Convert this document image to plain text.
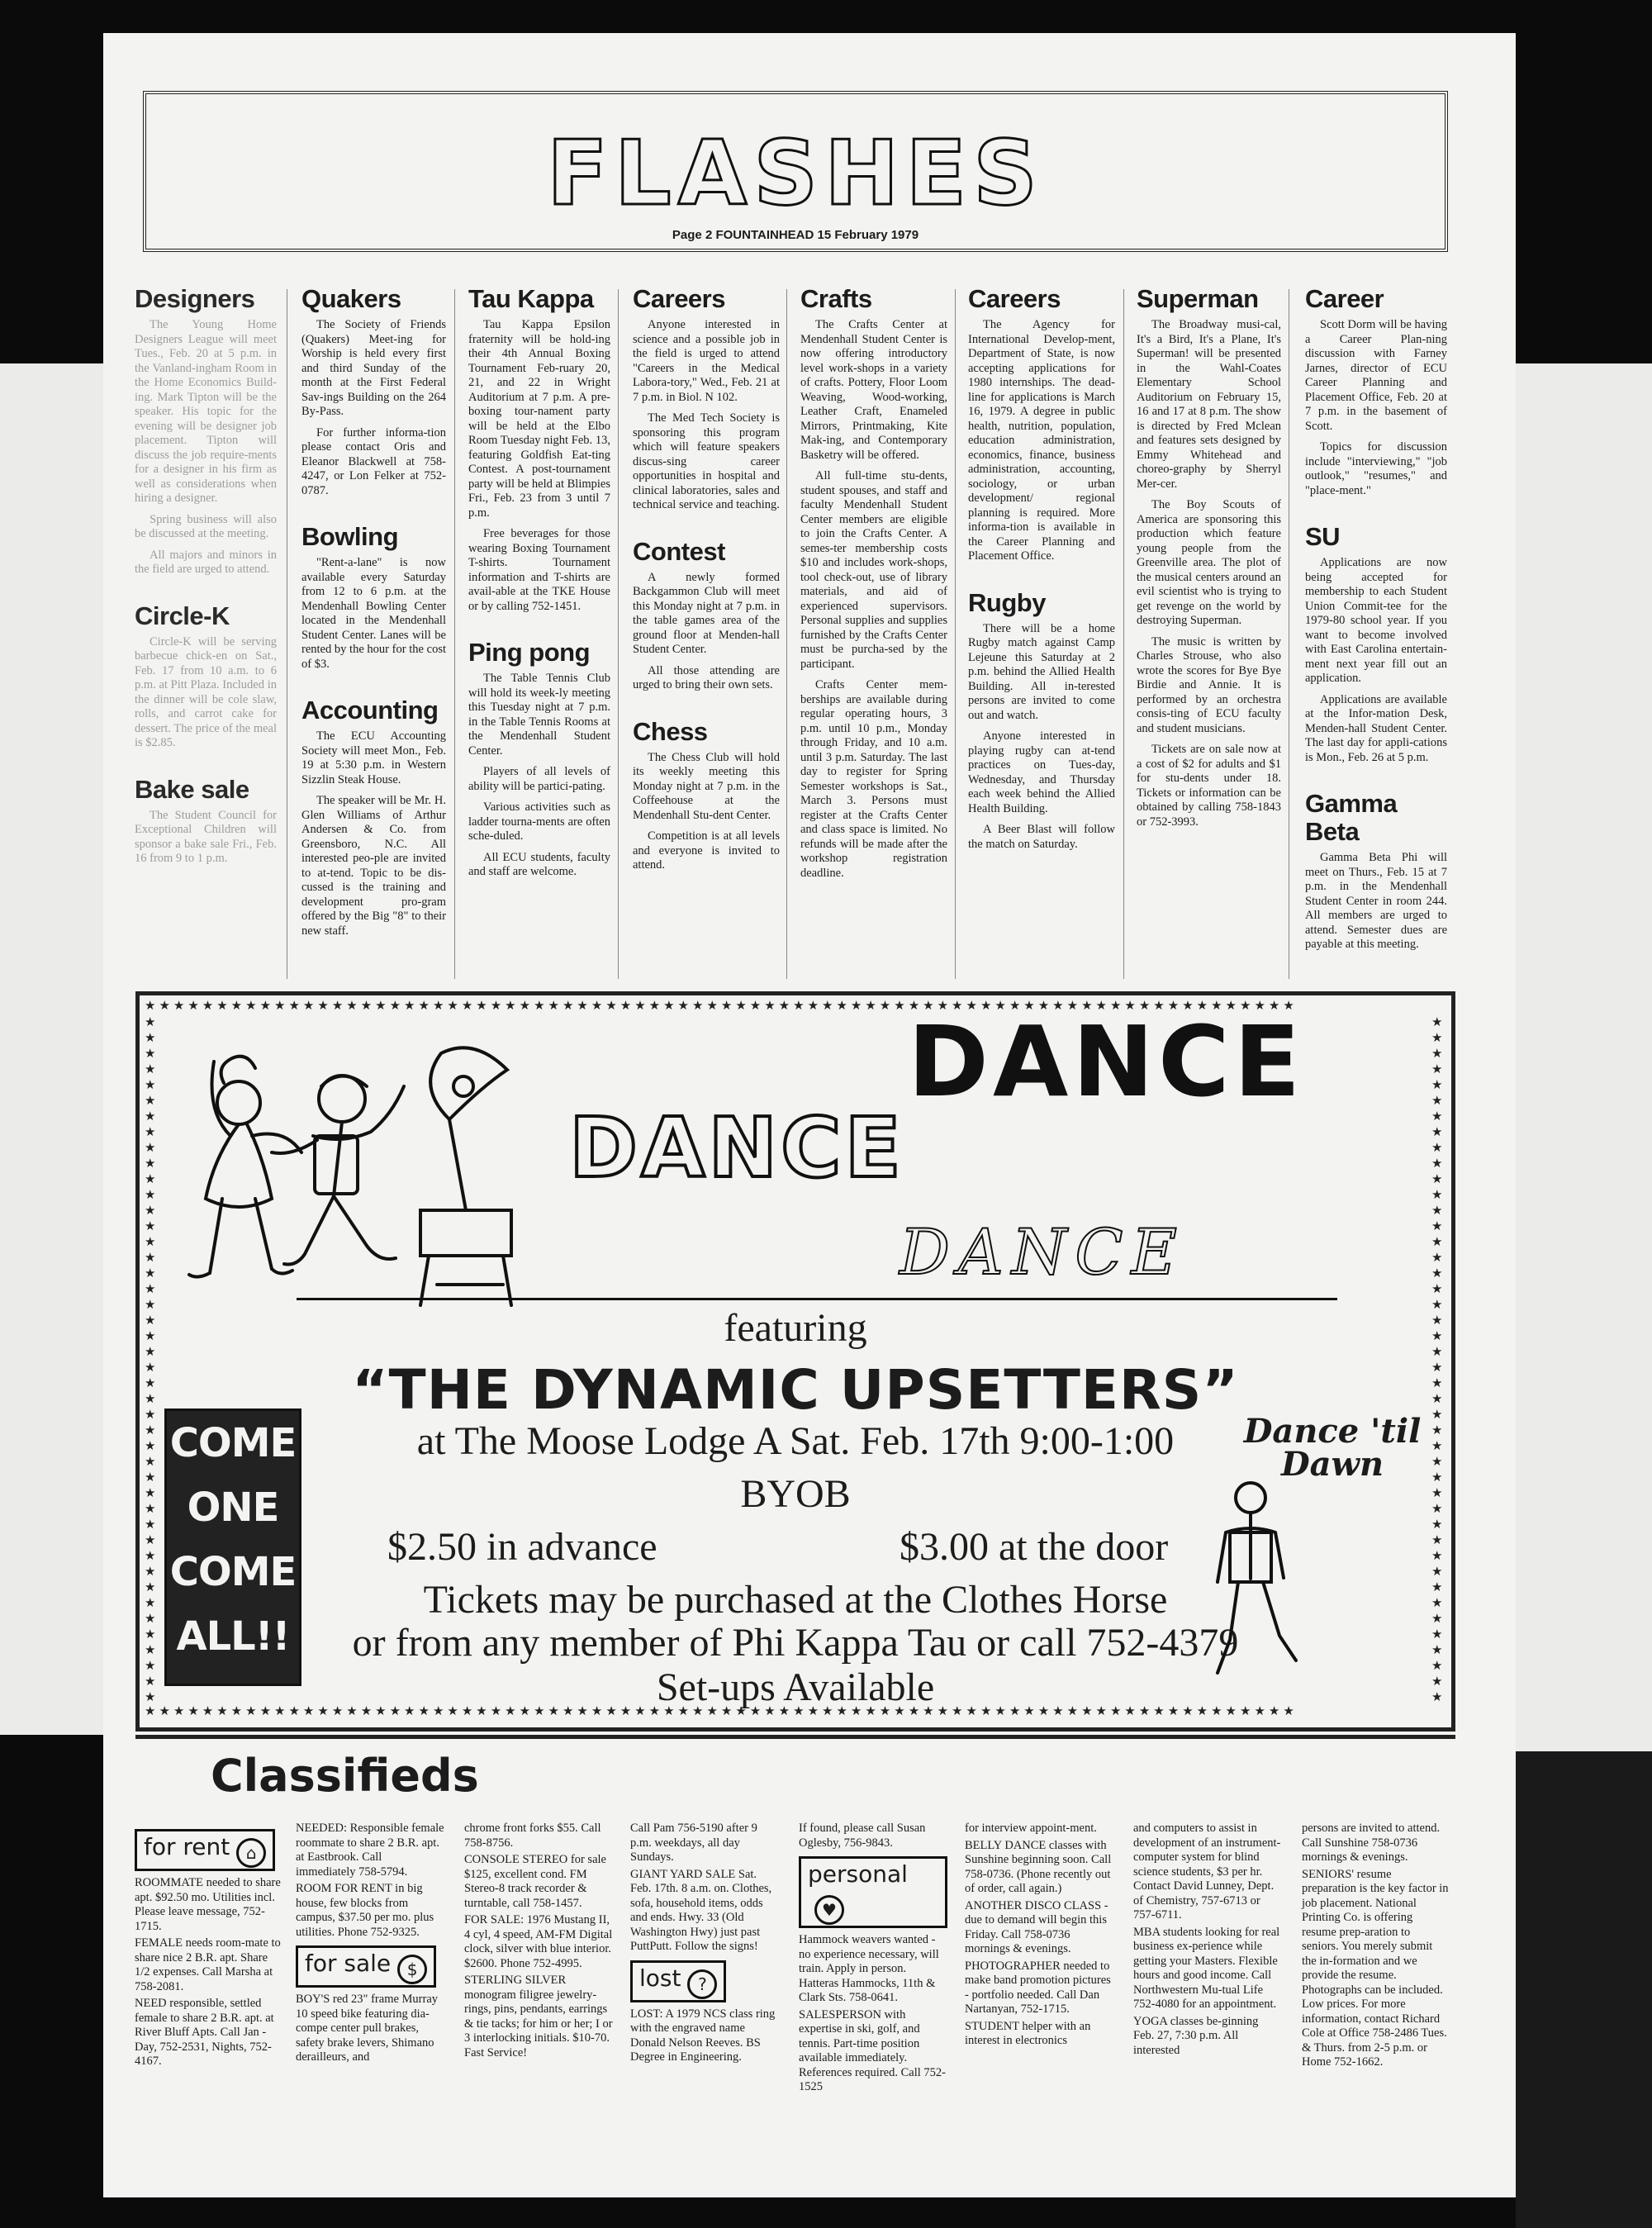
FLASHES
Page 2 FOUNTAINHEAD 15 February 1979
Designers

The Young Home Designers League will meet Tues., Feb. 20 at 5 p.m. in the Vanland-ingham Room in the Home Economics Build-ing. Mark Tipton will be the speaker. His topic for the evening will be designer job placement. Tipton will discuss the job require-ments for a designer in his firm as well as considerations when hiring a designer.

Spring business will also be discussed at the meeting.

All majors and minors in the field are urged to attend.

Circle-K

Circle-K will be serving barbecue chick-en on Sat., Feb. 17 from 10 a.m. to 6 p.m. at Pitt Plaza. Included in the dinner will be cole slaw, rolls, and carrot cake for dessert. The price of the meal is $2.85.

Bake sale

The Student Council for Exceptional Children will sponsor a bake sale Fri., Feb. 16 from 9 to 1 p.m.

Quakers

The Society of Friends (Quakers) Meet-ing for Worship is held every first and third Sunday of the month at the First Federal Sav-ings Building on the 264 By-Pass.

For further informa-tion please contact Oris and Eleanor Blackwell at 758-4247, or Lon Felker at 752-0787.

Bowling

"Rent-a-lane" is now available every Saturday from 12 to 6 p.m. at the Mendenhall Bowling Center located in the Mendenhall Student Center. Lanes will be rented by the hour for the cost of $3.

Accounting

The ECU Accounting Society will meet Mon., Feb. 19 at 5:30 p.m. in Western Sizzlin Steak House.

The speaker will be Mr. H. Glen Williams of Arthur Andersen & Co. from Greensboro, N.C. All interested peo-ple are invited to at-tend. Topic to be dis-cussed is the training and development pro-gram offered by the Big "8" to their new staff.

Tau Kappa

Tau Kappa Epsilon fraternity will be hold-ing their 4th Annual Boxing Tournament Feb-ruary 20, 21, and 22 in Wright Auditorium at 7 p.m. A pre-boxing tour-nament party will be held at the Elbo Room Tuesday night Feb. 13, featuring Goldfish Eat-ting Contest. A post-tournament party will be held at Blimpies Fri., Feb. 23 from 3 until 7 p.m.

Free beverages for those wearing Boxing Tournament T-shirts. Tournament information and T-shirts are avail-able at the TKE House or by calling 752-1451.

Ping pong

The Table Tennis Club will hold its week-ly meeting this Tuesday night at 7 p.m. in the Table Tennis Rooms at the Mendenhall Student Center.

Players of all levels of ability will be partici-pating.

Various activities such as ladder tourna-ments are often sche-duled.

All ECU students, faculty and staff are welcome.

Careers

Anyone interested in science and a possible job in the field is urged to attend "Careers in the Medical Labora-tory," Wed., Feb. 21 at 7 p.m. in Biol. N 102.

The Med Tech Society is sponsoring this program which will feature speakers discus-sing career opportunities in hospital and clinical laboratories, sales and technical service and teaching.

Contest

A newly formed Backgammon Club will meet this Monday night at 7 p.m. in the table games area of the ground floor at Menden-hall Student Center.

All those attending are urged to bring their own sets.

Chess

The Chess Club will hold its weekly meeting this Monday night at 7 p.m. in the Coffeehouse at the Mendenhall Stu-dent Center.

Competition is at all levels and everyone is invited to attend.

Crafts

The Crafts Center at Mendenhall Student Center is now offering introductory level work-shops in a variety of crafts. Pottery, Floor Loom Weaving, Wood-working, Leather Craft, Enameled Mirrors, Printmaking, Kite Mak-ing, and Contemporary Basketry will be offered.

All full-time stu-dents, student spouses, and staff and faculty Mendenhall Student Center members are eligible to join the Crafts Center. A semes-ter membership costs $10 and includes work-shops, tool check-out, use of library materials, and aid of experienced supervisors. Personal supplies and supplies furnished by the Crafts Center must be purcha-sed by the participant.

Crafts Center mem-berships are available during regular operating hours, 3 p.m. until 10 p.m., Monday through Friday, and 10 a.m. until 3 p.m. Saturday. The last day to register for Spring Semester workshops is Sat., March 3. Persons must register at the Crafts Center and class space is limited. No refunds will be made after the workshop registration deadline.

Careers

The Agency for International Develop-ment, Department of State, is now accepting applications for 1980 internships. The dead-line for applications is March 16, 1979. A degree in public health, nutrition, population, education administration, economics, finance, business administration, accounting, sociology, or urban development/ regional planning is required. More informa-tion is available in the Career Planning and Placement Office.

Rugby

There will be a home Rugby match against Camp Lejeune this Saturday at 2 p.m. behind the Allied Health Building. All in-terested persons are invited to come out and watch.

Anyone interested in playing rugby can at-tend practices on Tues-day, Wednesday, and Thursday each week behind the Allied Health Building.

A Beer Blast will follow the match on Saturday.

Superman

The Broadway musi-cal, It's a Bird, It's a Plane, It's Superman! will be presented in the Wahl-Coates Elementary School Auditorium on February 15, 16 and 17 at 8 p.m. The show is directed by Fred Mclean and features sets designed by Emmy Whitehead and choreo-graphy by Sherryl Mer-cer.

The Boy Scouts of America are sponsoring this production which feature young people from the Greenville area. The plot of the musical centers around an evil scientist who is trying to get revenge on the world by destroying Superman.

The music is written by Charles Strouse, who also wrote the scores for Bye Bye Birdie and Annie. It is performed by an orchestra consis-ting of ECU faculty and student musicians.

Tickets are on sale now at a cost of $2 for adults and $1 for stu-dents under 18. Tickets or information can be obtained by calling 758-1843 or 752-3993.

Career

Scott Dorm will be having a Career Plan-ning discussion with Farney Jarnes, director of ECU Career Planning and Placement Office, Feb. 20 at 7 p.m. in the basement of Scott.

Topics for discussion include "interviewing," "job outlook," "resumes," and "place-ment."

SU

Applications are now being accepted for membership to each Student Union Commit-tee for the 1979-80 school year. If you want to become involved with East Carolina entertain-ment next year fill out an application.

Applications are available at the Infor-mation Desk, Menden-hall Student Center. The last day for appli-cations is Mon., Feb. 26 at 5 p.m.

Gamma Beta

Gamma Beta Phi will meet on Thurs., Feb. 15 at 7 p.m. in the Mendenhall Student Center in room 244. All members are urged to attend. Semester dues are payable at this meeting.

★★★★★★★★★★★★★★★★★★★★★★★★★★★★★★★★★★★★★★★★★★★★★★★★★★★★★★★★★★★★★★★★★★★★★★★★★★★★★★★★
★★★★★★★★★★★★★★★★★★★★★★★★★★★★★★★★★★★★★★★★★★★★★★★★★★★★★★★★★★★★★★★★★★★★★★★★★★★★★★★★
★ ★ ★ ★ ★ ★ ★ ★ ★ ★ ★ ★ ★ ★ ★ ★ ★ ★ ★ ★ ★ ★ ★ ★ ★ ★ ★ ★ ★ ★ ★ ★ ★ ★ ★ ★ ★ ★ ★ ★ ★ ★ ★ ★
★ ★ ★ ★ ★ ★ ★ ★ ★ ★ ★ ★ ★ ★ ★ ★ ★ ★ ★ ★ ★ ★ ★ ★ ★ ★ ★ ★ ★ ★ ★ ★ ★ ★ ★ ★ ★ ★ ★ ★ ★ ★ ★ ★
DANCE
DANCE
DANCE
featuring
“THE DYNAMIC UPSETTERS”
at The Moose Lodge A Sat. Feb. 17th 9:00-1:00
BYOB
$2.50 in advance	$3.00 at the door
Tickets may be purchased at the Clothes Horse
or from any member of Phi Kappa Tau or call 752-4379
Set-ups Available
COME
ONE
COME
ALL!!
Dance 'til Dawn
Classifieds
for rent ⌂

ROOMMATE needed to share apt. $92.50 mo. Utilities incl. Please leave message, 752-1715.

FEMALE needs room-mate to share nice 2 B.R. apt. Share 1/2 expenses. Call Marsha at 758-2081.

NEED responsible, settled female to share 2 B.R. apt. at River Bluff Apts. Call Jan - Day, 752-2531, Nights, 752-4167.

NEEDED: Responsible female roommate to share 2 B.R. apt. at Eastbrook. Call immediately 758-5794.

ROOM FOR RENT in big house, few blocks from campus, $37.50 per mo. plus utilities. Phone 752-9325.

for sale $

BOY'S red 23" frame Murray 10 speed bike featuring dia-compe center pull brakes, safety brake levers, Shimano derailleurs, and

chrome front forks $55. Call 758-8756.

CONSOLE STEREO for sale $125, excellent cond. FM Stereo-8 track recorder & turntable, call 758-1457.

FOR SALE: 1976 Mustang II, 4 cyl, 4 speed, AM-FM Digital clock, silver with blue interior. $2600. Phone 752-4995.

STERLING SILVER monogram filigree jewelry-rings, pins, pendants, earrings & tie tacks; for him or her; I or 3 interlocking initials. $10-70. Fast Service!

Call Pam 756-5190 after 9 p.m. weekdays, all day Sundays.

GIANT YARD SALE Sat. Feb. 17th. 8 a.m. on. Clothes, sofa, household items, odds and ends. Hwy. 33 (Old Washington Hwy) just past PuttPutt. Follow the signs!

lost ?

LOST: A 1979 NCS class ring with the engraved name Donald Nelson Reeves. BS Degree in Engineering.

If found, please call Susan Oglesby, 756-9843.

personal♥

Hammock weavers wanted - no experience necessary, will train. Apply in person. Hatteras Hammocks, 11th & Clark Sts. 758-0641.

SALESPERSON with expertise in ski, golf, and tennis. Part-time position available immediately. References required. Call 752-1525

for interview appoint-ment.

BELLY DANCE classes with Sunshine beginning soon. Call 758-0736. (Phone recently out of order, call again.)

ANOTHER DISCO CLASS - due to demand will begin this Friday. Call 758-0736 mornings & evenings.

PHOTOGRAPHER needed to make band promotion pictures - portfolio needed. Call Dan Nartanyan, 752-1715.

STUDENT helper with an interest in electronics

and computers to assist in development of an instrument-computer system for blind science students, $3 per hr. Contact David Lunney, Dept. of Chemistry, 757-6713 or 757-6711.

MBA students looking for real business ex-perience while getting your Masters. Flexible hours and good income. Call Northwestern Mu-tual Life 752-4080 for an appointment.

YOGA classes be-ginning Feb. 27, 7:30 p.m. All interested

persons are invited to attend. Call Sunshine 758-0736 mornings & evenings.

SENIORS' resume preparation is the key factor in job placement. National Printing Co. is offering resume prep-aration to seniors. You merely submit the in-formation and we provide the resume. Photographs can be included. Low prices. For more information, contact Richard Cole at Office 758-2486 Tues. & Thurs. from 2-5 p.m. or Home 752-1662.
